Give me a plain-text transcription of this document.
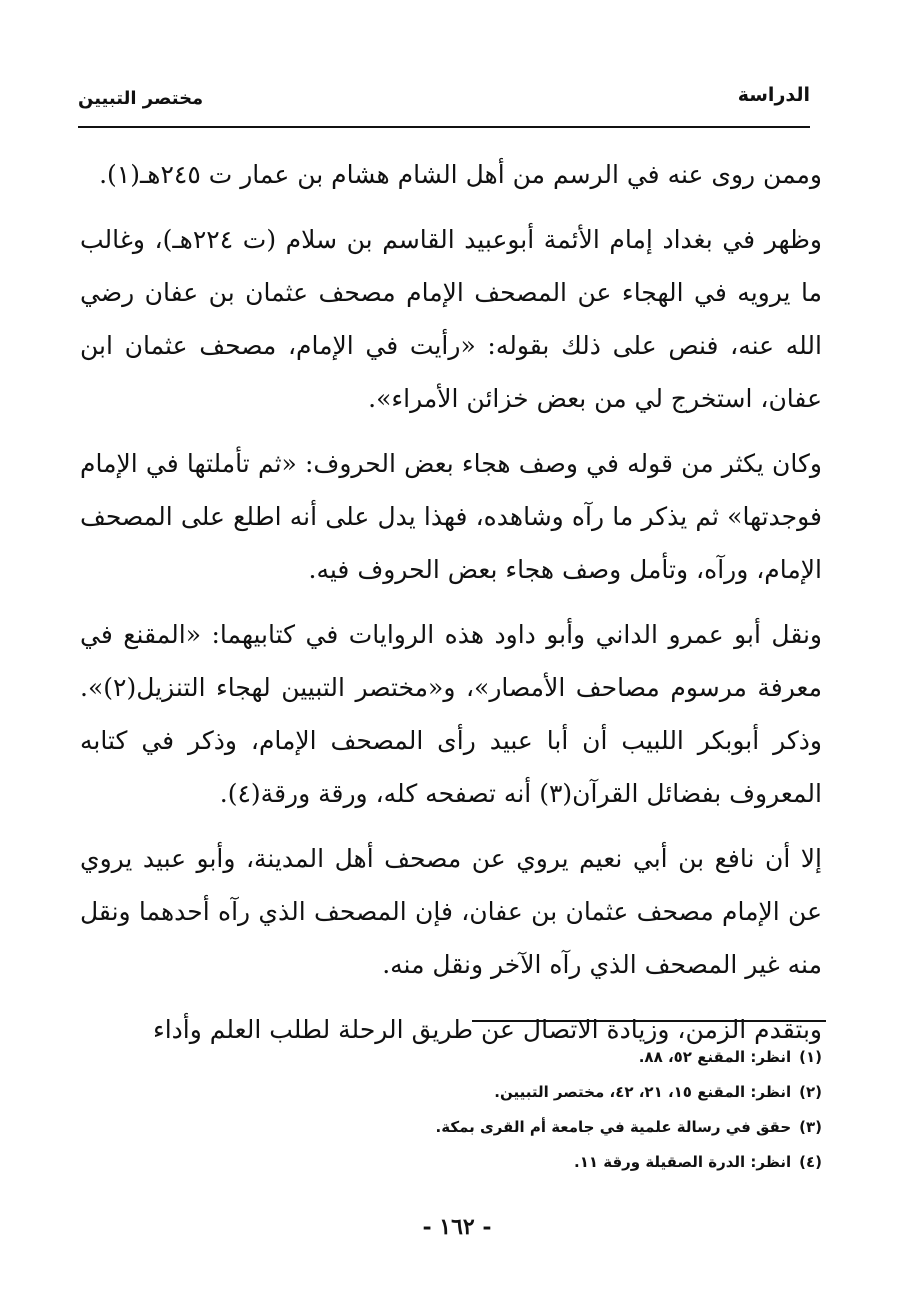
الدراسة
مختصر التبيين

وممن روى عنه في الرسم من أهل الشام هشام بن عمار ت ٢٤٥هـ(١).

وظهر في بغداد إمام الأئمة أبوعبيد القاسم بن سلام (ت ٢٢٤هـ)، وغالب ما يرويه في الهجاء عن المصحف الإمام مصحف عثمان بن عفان رضي الله عنه، فنص على ذلك بقوله: «رأيت في الإمام، مصحف عثمان ابن عفان، استخرج لي من بعض خزائن الأمراء».

وكان يكثر من قوله في وصف هجاء بعض الحروف: «ثم تأملتها في الإمام فوجدتها» ثم يذكر ما رآه وشاهده، فهذا يدل على أنه اطلع على المصحف الإمام، ورآه، وتأمل وصف هجاء بعض الحروف فيه.

ونقل أبو عمرو الداني وأبو داود هذه الروايات في كتابيهما: «المقنع في معرفة مرسوم مصاحف الأمصار»، و«مختصر التبيين لهجاء التنزيل(٢)». وذكر أبوبكر اللبيب أن أبا عبيد رأى المصحف الإمام، وذكر في كتابه المعروف بفضائل القرآن(٣) أنه تصفحه كله، ورقة ورقة(٤).

إلا أن نافع بن أبي نعيم يروي عن مصحف أهل المدينة، وأبو عبيد يروي عن الإمام مصحف عثمان بن عفان، فإن المصحف الذي رآه أحدهما ونقل منه غير المصحف الذي رآه الآخر ونقل منه.

وبتقدم الزمن، وزيادة الاتصال عن طريق الرحلة لطلب العلم وأداء

(١)انظر: المقنع ٥٢، ٨٨.
(٢)انظر: المقنع ١٥، ٢١، ٤٢، مختصر التبيين.
(٣)حقق في رسالة علمية في جامعة أم القرى بمكة.
(٤)انظر: الدرة الصقيلة ورقة ١١.
- ١٦٢ -
